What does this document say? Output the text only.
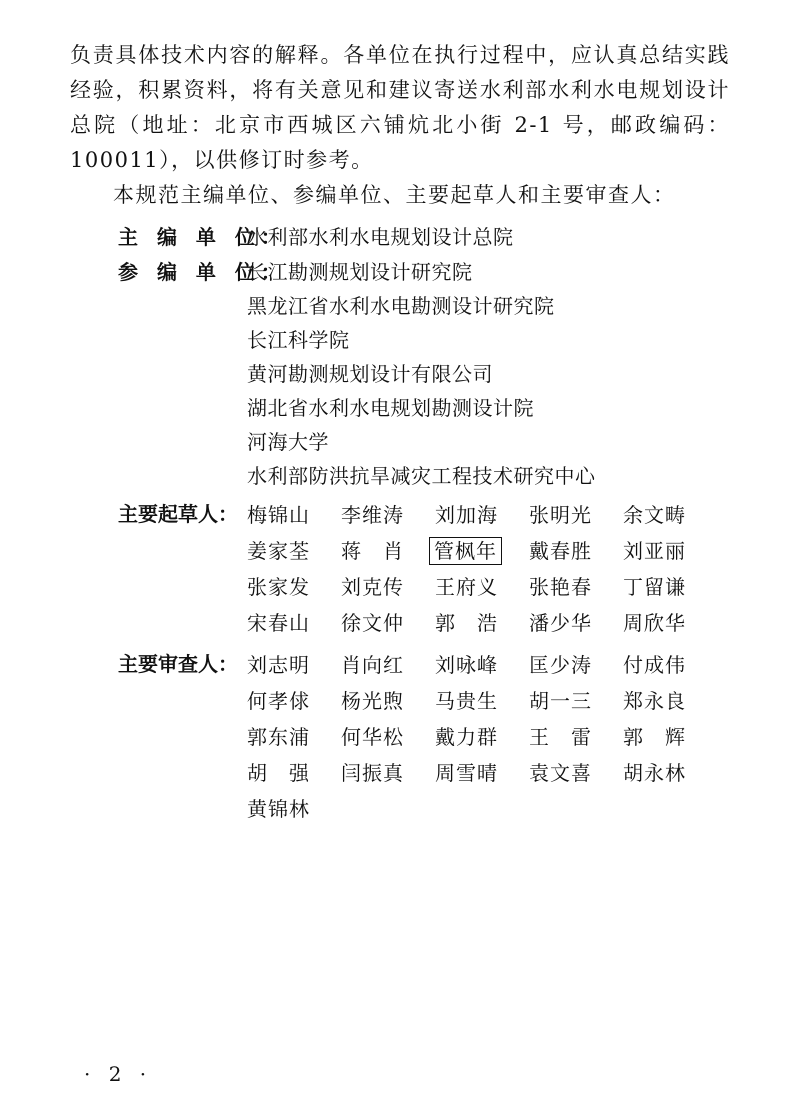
负责具体技术内容的解释。各单位在执行过程中，应认真总结实践经验，积累资料，将有关意见和建议寄送水利部水利水电规划设计总院（地址：北京市西城区六铺炕北小街 2-1 号，邮政编码：100011），以供修订时参考。

本规范主编单位、参编单位、主要起草人和主要审查人：

主 编 单 位：
水利部水利水电规划设计总院
参 编 单 位：
长江勘测规划设计研究院
黑龙江省水利水电勘测设计研究院
长江科学院
黄河勘测规划设计有限公司
湖北省水利水电规划勘测设计院
河海大学
水利部防洪抗旱减灾工程技术研究中心
主要起草人： 梅锦山	李维涛	刘加海	张明光	余文畴
姜家荃	蒋　肖	管枫年	戴春胜	刘亚丽
张家发	刘克传	王府义	张艳春	丁留谦
宋春山	徐文仲	郭　浩	潘少华	周欣华
主要审查人： 刘志明	肖向红	刘咏峰	匡少涛	付成伟
何孝俅	杨光煦	马贵生	胡一三	郑永良
郭东浦	何华松	戴力群	王　雷	郭　辉
胡　强	闫振真	周雪晴	袁文喜	胡永林
黄锦林
· 2 ·
